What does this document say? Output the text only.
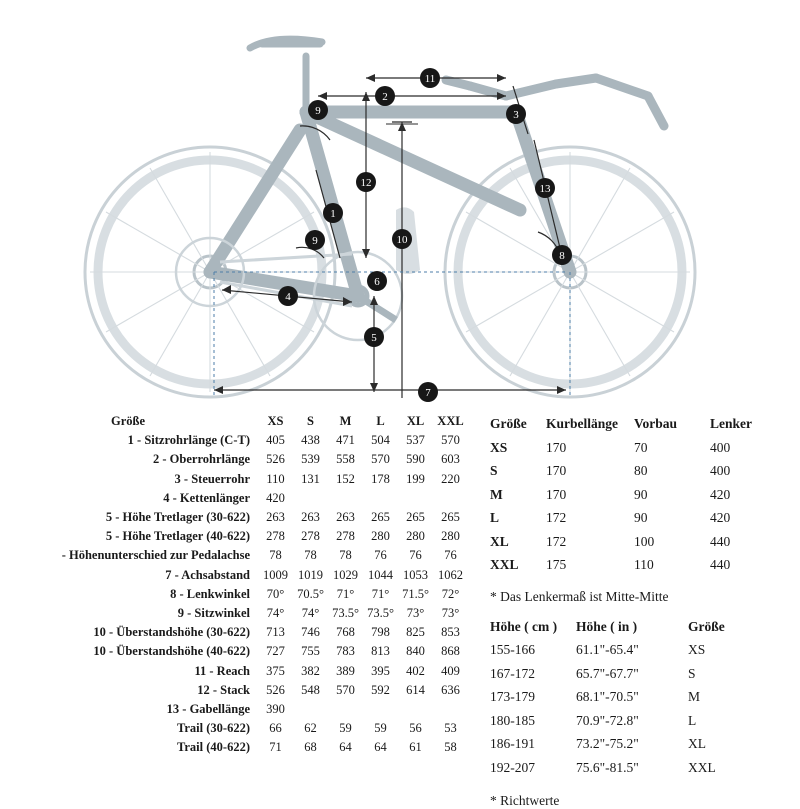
1
2
3
4
5
6
7
8
9
9	10
11
12	13
Größe	XS	S	M	L	XL	XXL
1 - Sitzrohrlänge (C-T)	405	438	471	504	537	570
2 - Oberrohrlänge	526	539	558	570	590	603
3 - Steuerrohr	110	131	152	178	199	220
4 - Kettenlänger	420					
5 - Höhe Tretlager (30-622)	263	263	263	265	265	265
5 - Höhe Tretlager (40-622)	278	278	278	280	280	280
- Höhenunterschied zur Pedalachse	78	78	78	76	76	76
7 - Achsabstand	1009	1019	1029	1044	1053	1062
8 - Lenkwinkel	70°	70.5°	71°	71°	71.5°	72°
9 - Sitzwinkel	74°	74°	73.5°	73.5°	73°	73°
10 - Überstandshöhe (30-622)	713	746	768	798	825	853
10 - Überstandshöhe (40-622)	727	755	783	813	840	868
11 - Reach	375	382	389	395	402	409
12 - Stack	526	548	570	592	614	636
13 - Gabellänge	390					
Trail (30-622)	66	62	59	59	56	53
Trail (40-622)	71	68	64	64	61	58
Größe	Kurbellänge	Vorbau	Lenker
XS	170	70	400
S	170	80	400
M	170	90	420
L	172	90	420
XL	172	100	440
XXL	175	110	440

* Das Lenkermaß ist Mitte-Mitte

Höhe ( cm )	Höhe ( in )	Größe
155-166	61.1"-65.4"	XS
167-172	65.7"-67.7"	S
173-179	68.1"-70.5"	M
180-185	70.9"-72.8"	L
186-191	73.2"-75.2"	XL
192-207	75.6"-81.5"	XXL

* Richtwerte
